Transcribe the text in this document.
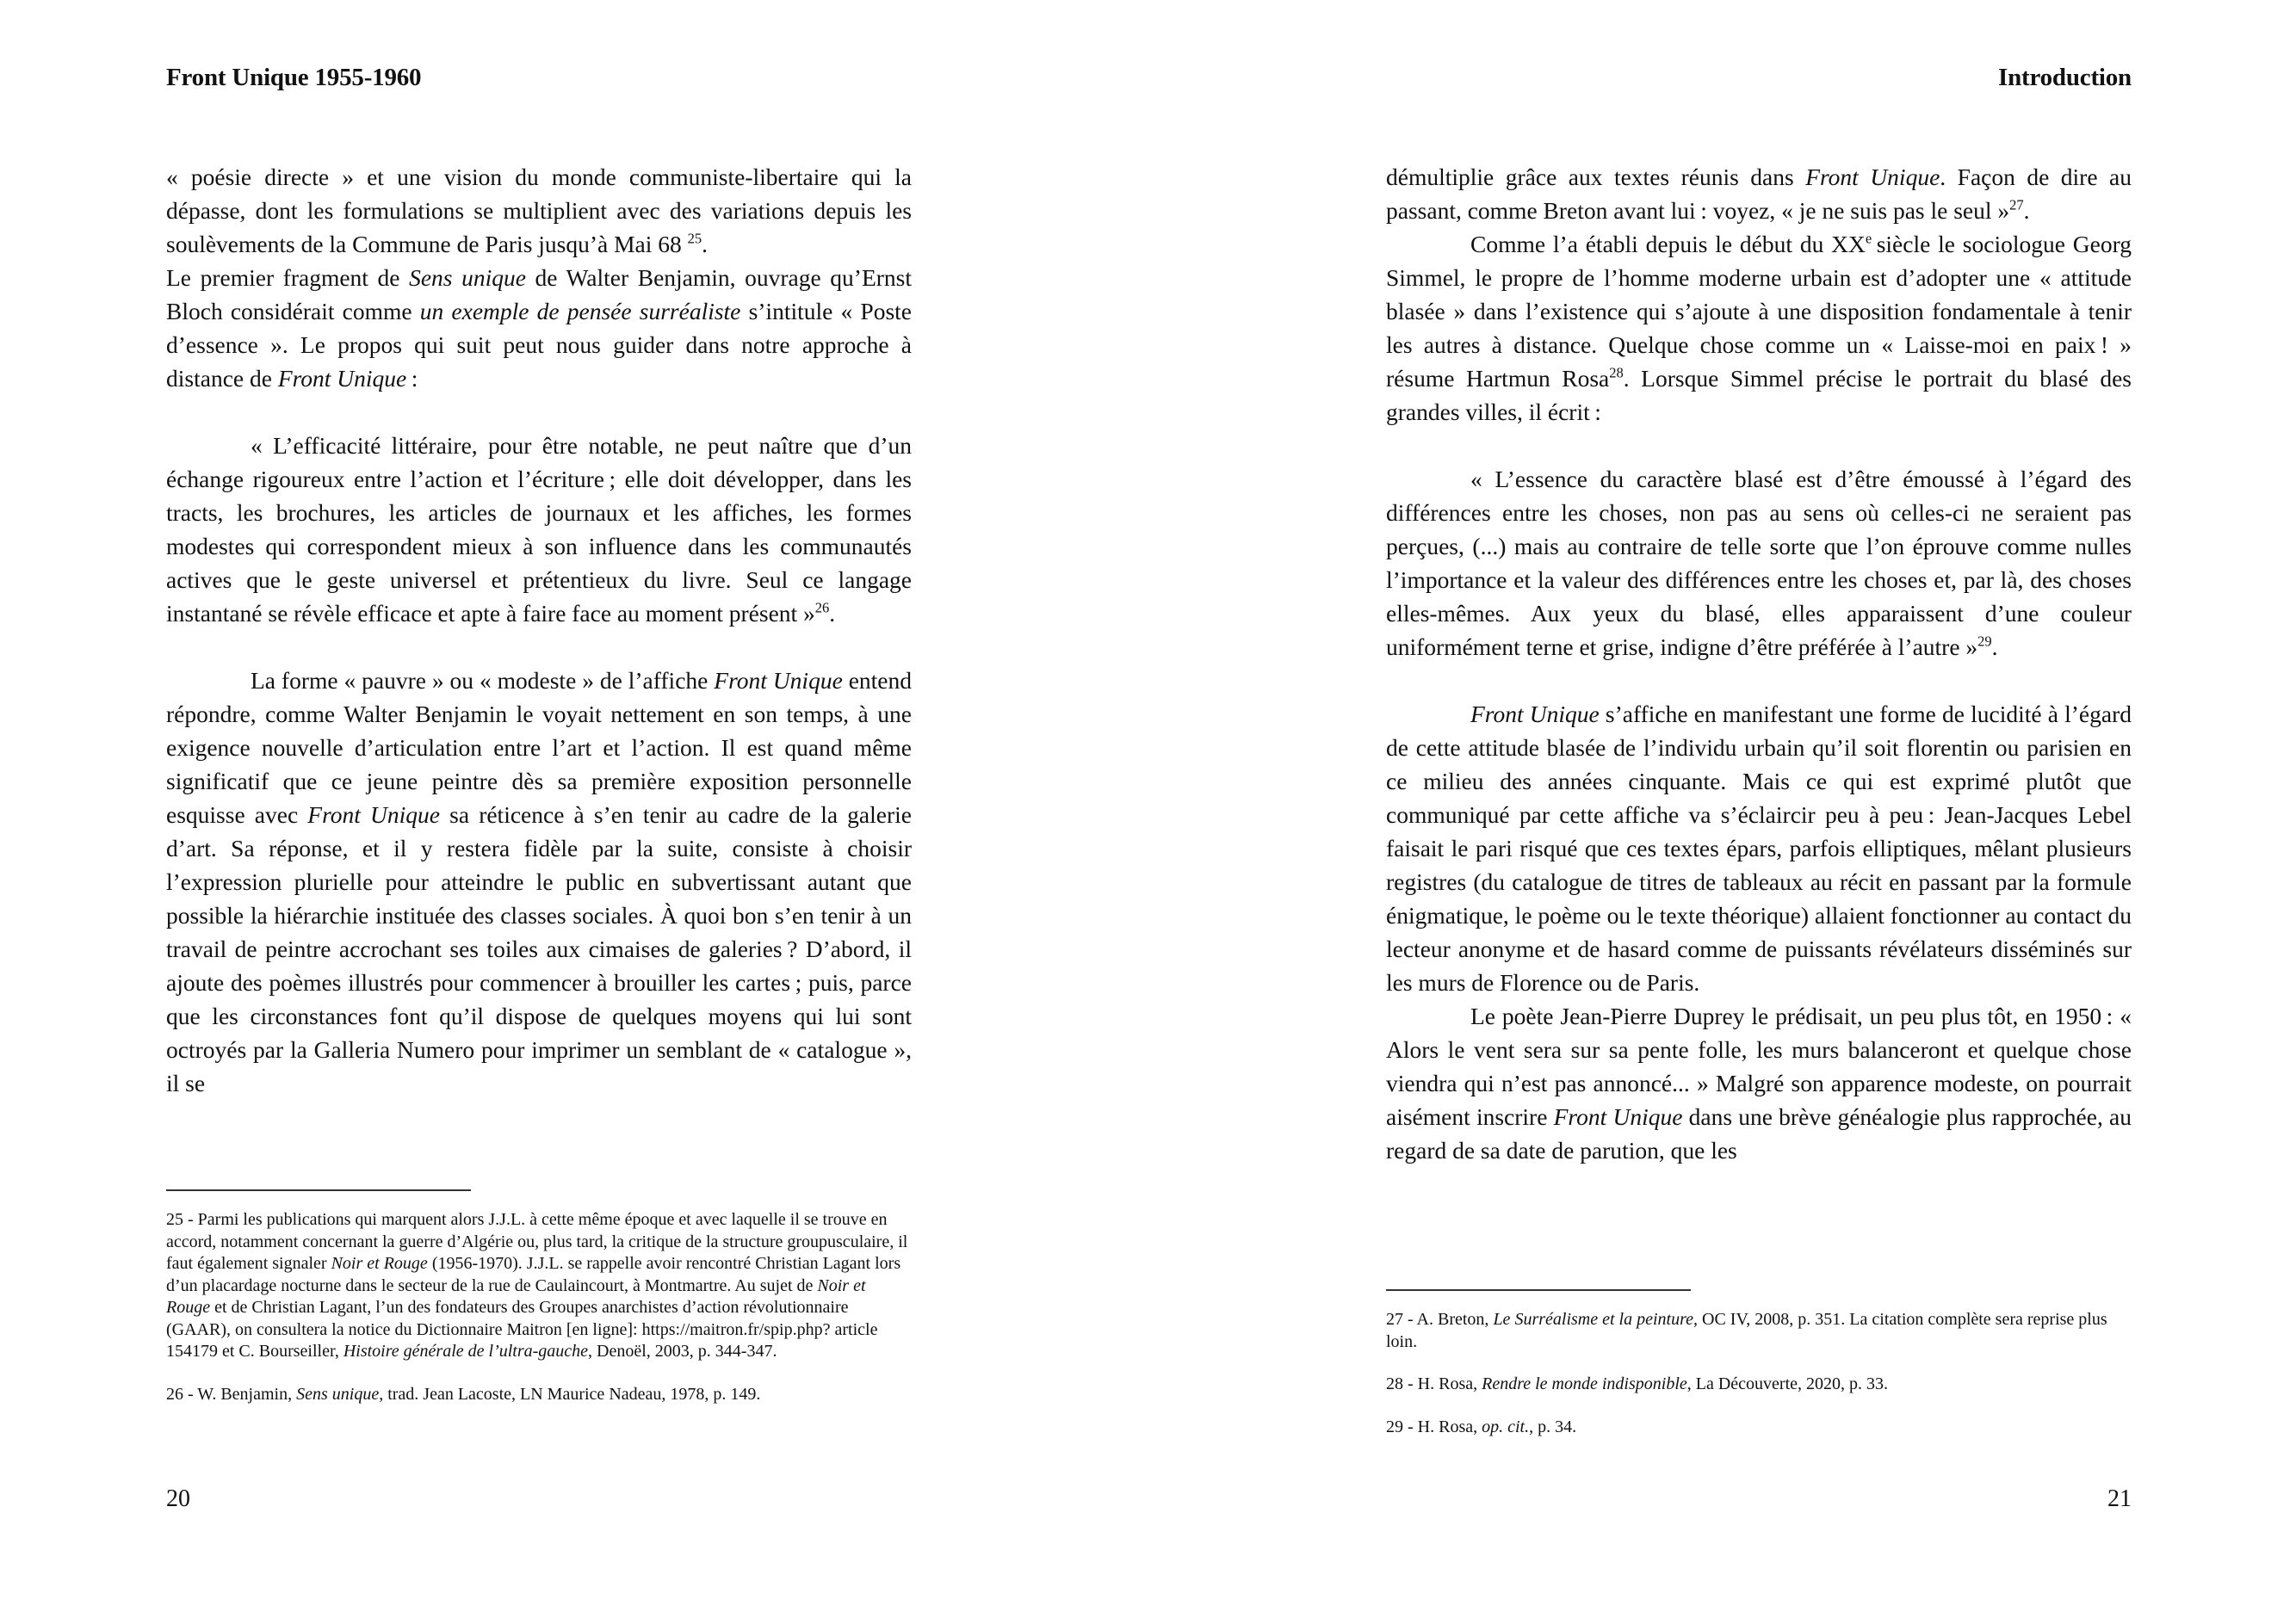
Front Unique 1955-1960

« poésie directe » et une vision du monde communiste-libertaire qui la dépasse, dont les formulations se multiplient avec des variations depuis les soulèvements de la Commune de Paris jusqu’à Mai 68 $^{25}$.

Le premier fragment de Sens unique de Walter Benjamin, ouvrage qu’Ernst Bloch considérait comme un exemple de pensée surréaliste s’intitule « Poste d’essence ». Le propos qui suit peut nous guider dans notre approche à distance de Front Unique :

« L’efficacité littéraire, pour être notable, ne peut naître que d’un échange rigoureux entre l’action et l’écriture ; elle doit développer, dans les tracts, les brochures, les articles de journaux et les affiches, les formes modestes qui correspondent mieux à son influence dans les communautés actives que le geste universel et prétentieux du livre. Seul ce langage instantané se révèle efficace et apte à faire face au moment présent »$^{26}$.

La forme « pauvre » ou « modeste » de l’affiche Front Unique entend répondre, comme Walter Benjamin le voyait nettement en son temps, à une exigence nouvelle d’articulation entre l’art et l’action. Il est quand même significatif que ce jeune peintre dès sa première exposition personnelle esquisse avec Front Unique sa réticence à s’en tenir au cadre de la galerie d’art. Sa réponse, et il y restera fidèle par la suite, consiste à choisir l’expression plurielle pour atteindre le public en subvertissant autant que possible la hiérarchie instituée des classes sociales. À quoi bon s’en tenir à un travail de peintre accrochant ses toiles aux cimaises de galeries ? D’abord, il ajoute des poèmes illustrés pour commencer à brouiller les cartes ; puis, parce que les circonstances font qu’il dispose de quelques moyens qui lui sont octroyés par la Galleria Numero pour imprimer un semblant de « catalogue », il se

25 - Parmi les publications qui marquent alors J.J.L. à cette même époque et avec laquelle il se trouve en accord, notamment concernant la guerre d’Algérie ou, plus tard, la critique de la structure groupusculaire, il faut également signaler Noir et Rouge (1956-1970). J.J.L. se rappelle avoir rencontré Christian Lagant lors d’un placardage nocturne dans le secteur de la rue de Caulaincourt, à Montmartre. Au sujet de Noir et Rouge et de Christian Lagant, l’un des fondateurs des Groupes anarchistes d’action révolutionnaire (GAAR), on consultera la notice du Dictionnaire Maitron [en ligne]: https://maitron.fr/spip.php? article 154179 et C. Bourseiller, Histoire générale de l’ultra-gauche, Denoël, 2003, p. 344-347.

26 - W. Benjamin, Sens unique, trad. Jean Lacoste, LN Maurice Nadeau, 1978, p. 149.

20
Introduction

démultiplie grâce aux textes réunis dans Front Unique. Façon de dire au passant, comme Breton avant lui : voyez, « je ne suis pas le seul »$^{27}$.

Comme l’a établi depuis le début du XXe siècle le sociologue Georg Simmel, le propre de l’homme moderne urbain est d’adopter une « attitude blasée » dans l’existence qui s’ajoute à une disposition fondamentale à tenir les autres à distance. Quelque chose comme un « Laisse-moi en paix ! » résume Hartmun Rosa$^{28}$. Lorsque Simmel précise le portrait du blasé des grandes villes, il écrit :

« L’essence du caractère blasé est d’être émoussé à l’égard des différences entre les choses, non pas au sens où celles-ci ne seraient pas perçues, (...) mais au contraire de telle sorte que l’on éprouve comme nulles l’importance et la valeur des différences entre les choses et, par là, des choses elles-mêmes. Aux yeux du blasé, elles apparaissent d’une couleur uniformément terne et grise, indigne d’être préférée à l’autre »$^{29}$.

Front Unique s’affiche en manifestant une forme de lucidité à l’égard de cette attitude blasée de l’individu urbain qu’il soit florentin ou parisien en ce milieu des années cinquante. Mais ce qui est exprimé plutôt que communiqué par cette affiche va s’éclaircir peu à peu : Jean-Jacques Lebel faisait le pari risqué que ces textes épars, parfois elliptiques, mêlant plusieurs registres (du catalogue de titres de tableaux au récit en passant par la formule énigmatique, le poème ou le texte théorique) allaient fonctionner au contact du lecteur anonyme et de hasard comme de puissants révélateurs disséminés sur les murs de Florence ou de Paris.

Le poète Jean-Pierre Duprey le prédisait, un peu plus tôt, en 1950 : « Alors le vent sera sur sa pente folle, les murs balanceront et quelque chose viendra qui n’est pas annoncé... » Malgré son apparence modeste, on pourrait aisément inscrire Front Unique dans une brève généalogie plus rapprochée, au regard de sa date de parution, que les

27 - A. Breton, Le Surréalisme et la peinture, OC IV, 2008, p. 351. La citation complète sera reprise plus loin.

28 - H. Rosa, Rendre le monde indisponible, La Découverte, 2020, p. 33.

29 - H. Rosa, op. cit., p. 34.

21
